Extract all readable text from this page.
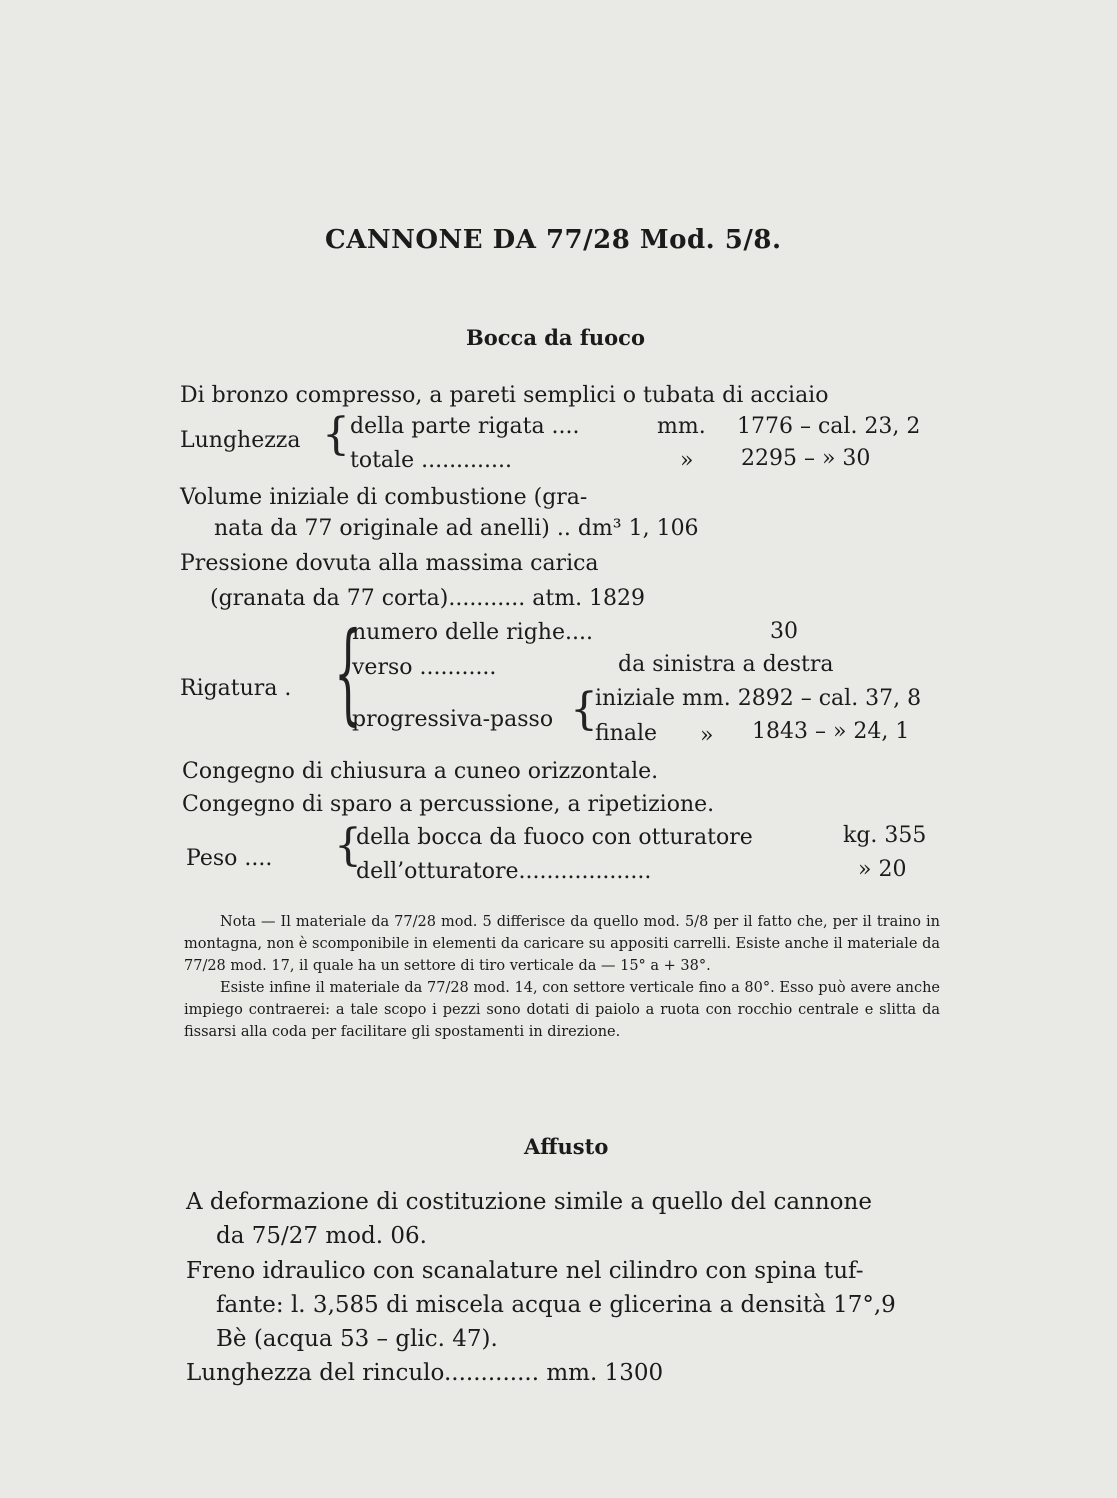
CANNONE DA 77/28 Mod. 5/8.
Bocca da fuoco
Di bronzo compresso, a pareti semplici o tubata di acciaio
Lunghezza { della parte rigata ....	mm. 1776 – cal. 23, 2
totale .............	» 2295 – » 30
Volume iniziale di combustione (gra-
nata da 77 originale ad anelli) .. dm³ 1, 106
Pressione dovuta alla massima carica
(granata da 77 corta)........... atm. 1829
Rigatura . {
numero delle righe....	30
verso ...........	da sinistra a destra
progressiva-passo {
iniziale mm. 2892 – cal. 37, 8
finale » 1843 – » 24, 1
Congegno di chiusura a cuneo orizzontale.
Congegno di sparo a percussione, a ripetizione.
Peso .... {
della bocca da fuoco con otturatore	kg. 355
dell’otturatore...................	» 20

Nota — Il materiale da 77/28 mod. 5 differisce da quello mod. 5/8 per il fatto che, per il traino in montagna, non è scomponibile in elementi da caricare su appositi carrelli. Esiste anche il materiale da 77/28 mod. 17, il quale ha un settore di tiro verticale da — 15° a + 38°.

Esiste infine il materiale da 77/28 mod. 14, con settore verticale fino a 80°. Esso può avere anche impiego contraerei: a tale scopo i pezzi sono dotati di paiolo a ruota con rocchio centrale e slitta da fissarsi alla coda per facilitare gli spostamenti in direzione.

Affusto
A deformazione di costituzione simile a quello del cannone
da 75/27 mod. 06.
Freno idraulico con scanalature nel cilindro con spina tuf-
fante: l. 3,585 di miscela acqua e glicerina a densità 17°,9
Bè (acqua 53 – glic. 47).
Lunghezza del rinculo............. mm. 1300
